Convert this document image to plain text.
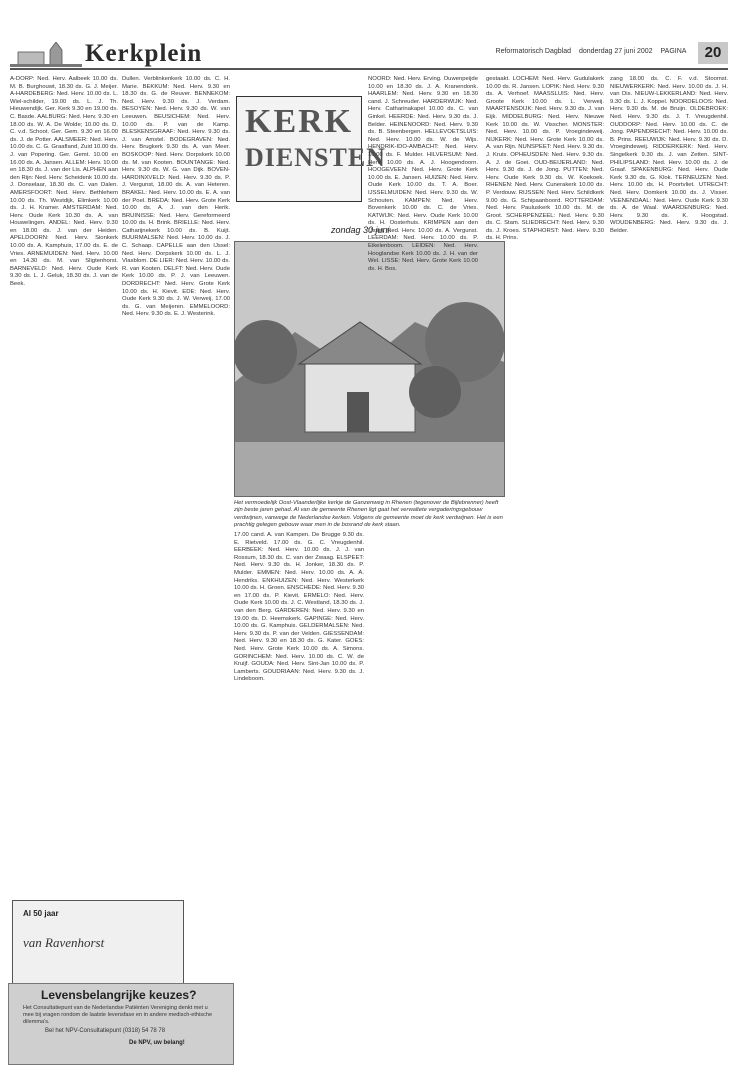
Kerkplein	Reformatorisch Dagblad donderdag 27 juni 2002 PAGINA	20
KERK
DIENSTEN
zondag 30 juni
Het vermoedelijk Oost-Vlaanderlijke kerkje de Ganzenweg in Rhenen (tegenover de Bijlebrenner) heeft zijn beste jaren gehad. Al van de gemeente Rhenen ligt gaat het verwaltete vergaderingsgebouw verdwijnen, vanwege de Nederlandse kerken. Volgens de gemeente moet de kerk verdwijnen. Het is een prachtig gelegen gebouw waar men in de bosrand de kerk staan.

A-DORP: Ned. Herv. Aalbeek 10.00 ds. M. B. Burghouwt, 18.30 ds. G. J. Meijer. A-HARDEBERG: Ned. Herv. 10.00 ds. L. Wiel-schilder, 19.00 ds. L. J. Th. Hieuwendijk. Ger. Kerk 9.30 en 19.00 ds. C. Basde. AALBURG: Ned. Herv. 9.30 en 18.00 ds. W. A. De Wolde; 10.00 ds. D. C. v.d. Schoot. Ger. Gem. 9.30 en 16.00 ds. J. de Potter. AALSMEER: Ned. Herv. 10.00 ds. C. G. Graafland, Zuid 10.00 ds. J. van Popering. Ger. Gemt. 10.00 en 16.00 ds. A. Jansen. ALLEM: Herv. 10.00 en 18.30 ds. J. van der Lis. ALPHEN aan den Rijn: Ned. Herv. Scheidenk 10.00 ds. J. Donselaar, 18.30 ds. C. van Dalen. AMERSFOORT: Ned. Herv. Bethlehem 10.00 ds. Th. Westdijk, Elimkerk 10.00 ds. J. H. Kramer. AMSTERDAM: Ned. Herv. Oude Kerk 10.30 ds. A. van Houwelingen. ANDEL: Ned. Herv. 9.30 en 18.00 ds. J. van der Heiden. APELDOORN: Ned. Herv. Sionkerk 10.00 ds. A. Kamphuis, 17.00 ds. E. de Vries. ARNEMUIDEN: Ned. Herv. 10.00 en 14.30 ds. M. van Sligtenhorst. BARNEVELD: Ned. Herv. Oude Kerk 9.30 ds. L. J. Geluk, 18.30 ds. J. van de Beek.

Dullen. Verblinkenkerk 10.00 ds. C. H. Marie. BEKKUM: Ned. Herv. 9.30 en 18.30 ds. G. de Reuver. BENNEKOM: Ned. Herv. 9.30 ds. J. Verdam. BESOYEN: Ned. Herv. 9.30 ds. W. van Leeuwen. BEUSICHEM: Ned. Herv. 10.00 ds. P. van de Kamp. BLESKENSGRAAF: Ned. Herv. 9.30 ds. J. van Amstel. BODEGRAVEN: Ned. Herv. Brugkerk 9.30 ds. A. van Meer. BOSKOOP: Ned. Herv. Dorpskerk 10.00 ds. M. van Kooten. BOUNTANGE: Ned. Herv. 9.30 ds. W. G. van Dijk. BOVEN-HARDINXVELD: Ned. Herv. 9.30 ds. P. J. Vergunst, 18.00 ds. A. van Heteren. BRAKEL: Ned. Herv. 10.00 ds. E. A. van der Poel. BREDA: Ned. Herv. Grote Kerk 10.00 ds. A. J. van den Herik. BRUINISSE: Ned. Herv. Gereformeerd 10.00 ds. H. Brink. BRIELLE: Ned. Herv. Catharijnekerk 10.00 ds. B. Kuijt. BUURMALSEN: Ned. Herv. 10.00 ds. J. C. Schaap. CAPELLE aan den IJssel: Ned. Herv. Dorpskerk 10.00 ds. L. J. Vlasblom. DE LIER: Ned. Herv. 10.00 ds. R. van Kooten. DELFT: Ned. Herv. Oude Kerk 10.00 ds. P. J. van Leeuwen. DORDRECHT: Ned. Herv. Grote Kerk 10.00 ds. H. Kievit. EDE: Ned. Herv. Oude Kerk 9.30 ds. J. W. Verweij, 17.00 ds. G. van Meijeren. EMMELOORD: Ned. Herv. 9.30 ds. E. J. Westerink.

17.00 cand. A. van Kampen. De Brugge 9.30 ds. E. Rietveld. 17.00 ds. G. C. Vreugdenhil. EERBEEK: Ned. Herv. 10.00 ds. J. J. van Rossum, 18.30 ds. C. van der Zwaag. ELSPEET: Ned. Herv. 9.30 ds. H. Jonker, 18.30 ds. P. Mulder. EMMEN: Ned. Herv. 10.00 ds. A. A. Hendriks. ENKHUIZEN: Ned. Herv. Westerkerk 10.00 ds. H. Groen. ENSCHEDE: Ned. Herv. 9.30 en 17.00 ds. P. Kievit. ERMELO: Ned. Herv. Oude Kerk 10.00 ds. J. C. Westland, 18.30 ds. J. van den Berg. GARDEREN: Ned. Herv. 9.30 en 19.00 ds. D. Heemskerk. GAPINGE: Ned. Herv. 10.00 ds. G. Kamphuis. GELDERMALSEN: Ned. Herv. 9.30 ds. P. van der Velden. GIESSENDAM: Ned. Herv. 9.30 en 18.30 ds. G. Kater. GOES: Ned. Herv. Grote Kerk 10.00 ds. A. Simons. GORINCHEM: Ned. Herv. 10.00 ds. C. W. de Kruijf. GOUDA: Ned. Herv. Sint-Jan 10.00 ds. P. Lamberts. GOUDRIAAN: Ned. Herv. 9.30 ds. J. Lindeboom.

NOORD: Ned. Herv. Erving. Ouwenpeijde 10.00 en 18.30 ds. J. A. Kranendonk. HAARLEM: Ned. Herv. 9.30 en 18.30 cand. J. Schreuder. HARDERWIJK: Ned. Herv. Catharinakapel 10.00 ds. C. van Ginkel. HEERDE: Ned. Herv. 9.30 ds. J. Belder. HEINENOORD: Ned. Herv. 9.30 ds. B. Steenbergen. HELLEVOETSLUIS: Ned. Herv. 10.00 ds. W. de Wijs. HENDRIK-IDO-AMBACHT: Ned. Herv. 10.00 ds. F. Mulder. HILVERSUM: Ned. Herv. 10.00 ds. A. J. Hoogendoorn. HOOGEVEEN: Ned. Herv. Grote Kerk 10.00 ds. E. Jansen. HUIZEN: Ned. Herv. Oude Kerk 10.00 ds. T. A. Boer. IJSSELMUIDEN: Ned. Herv. 9.30 ds. W. Schouten. KAMPEN: Ned. Herv. Bovenkerk 10.00 ds. C. de Vries. KATWIJK: Ned. Herv. Oude Kerk 10.00 ds. H. Oosterhuis. KRIMPEN aan den IJssel: Ned. Herv. 10.00 ds. A. Vergunst. LEERDAM: Ned. Herv. 10.00 ds. P. Eikelenboom. LEIDEN: Ned. Herv. Hooglandse Kerk 10.00 ds. J. H. van der Wel. LISSE: Ned. Herv. Grote Kerk 10.00 ds. H. Bos.

gestaakt. LOCHEM: Ned. Herv. Gudulakerk 10.00 ds. R. Jansen. LOPIK: Ned. Herv. 9.30 ds. A. Verhoef. MAASSLUIS: Ned. Herv. Groote Kerk 10.00 ds. L. Verweij. MAARTENSDIJK: Ned. Herv. 9.30 ds. J. van Eijk. MIDDELBURG: Ned. Herv. Nieuwe Kerk 10.00 ds. W. Visscher. MONSTER: Ned. Herv. 10.00 ds. P. Vroegindeweij. NIJKERK: Ned. Herv. Grote Kerk 10.00 ds. A. van Rijn. NUNSPEET: Ned. Herv. 9.30 ds. J. Kruis. OPHEUSDEN: Ned. Herv. 9.30 ds. A. J. de Goei. OUD-BEIJERLAND: Ned. Herv. 9.30 ds. J. de Jong. PUTTEN: Ned. Herv. Oude Kerk 9.30 ds. W. Koekoek. RHENEN: Ned. Herv. Cunerakerk 10.00 ds. P. Verdouw. RIJSSEN: Ned. Herv. Schildkerk 9.00 ds. G. Schipaanboord. ROTTERDAM: Ned. Herv. Pauluskerk 10.00 ds. M. de Groot. SCHERPENZEEL: Ned. Herv. 9.30 ds. C. Stam. SLIEDRECHT: Ned. Herv. 9.30 ds. J. Kroes. STAPHORST: Ned. Herv. 9.30 ds. H. Prins.

zang 18.00 ds. C. F. v.d. Stoomst. NIEUWERKERK: Ned. Herv. 10.00 ds. J. H. van Dis. NIEUW-LEKKERLAND: Ned. Herv. 9.30 ds. L. J. Koppel. NOORDELOOS: Ned. Herv. 9.30 ds. M. de Bruijn. OLDEBROEK: Ned. Herv. 9.30 ds. J. T. Vreugdenhil. OUDDORP: Ned. Herv. 10.00 ds. C. de Jong. PAPENDRECHT: Ned. Herv. 10.00 ds. B. Prins. REEUWIJK: Ned. Herv. 9.30 ds. D. Vroegindeweij. RIDDERKERK: Ned. Herv. Singelkerk 9.30 ds. J. van Zetten. SINT-PHILIPSLAND: Ned. Herv. 10.00 ds. J. de Graaf. SPAKENBURG: Ned. Herv. Oude Kerk 9.30 ds. G. Klok. TERNEUZEN: Ned. Herv. 10.00 ds. H. Poortvliet. UTRECHT: Ned. Herv. Domkerk 10.00 ds. J. Visser. VEENENDAAL: Ned. Herv. Oude Kerk 9.30 ds. A. de Waal. WAARDENBURG: Ned. Herv. 9.30 ds. K. Hoogstad. WOUDENBERG: Ned. Herv. 9.30 ds. J. Belder.

Al 50 jaar
van Ravenhorst
Levensbelangrijke keuzes?
Het Consultatiepunt van de Nederlandse Patiënten Vereniging denkt met u mee bij vragen rondom de laatste levensfase en in andere medisch-ethische dilemma's.
Bel het NPV-Consultatiepunt (0318) 54 78 78
De NPV, uw belang!
